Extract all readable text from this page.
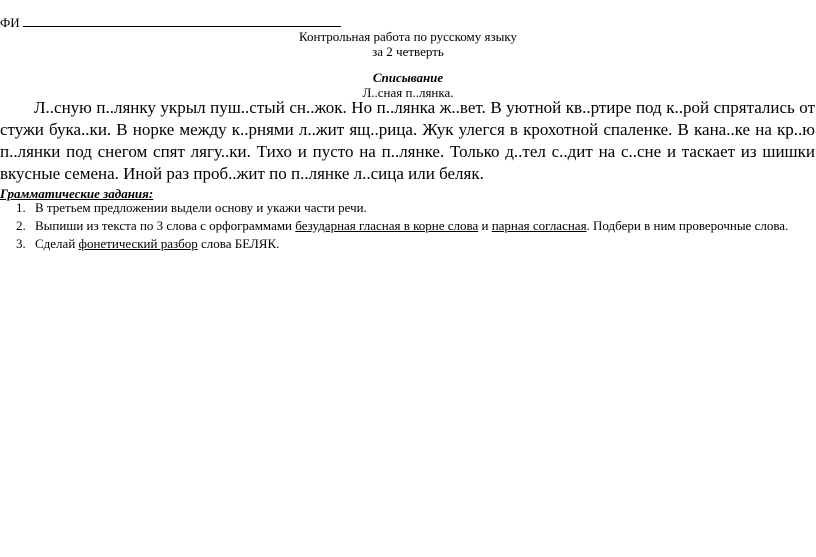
ФИ
Контрольная работа по русскому языку
за 2 четверть
Списывание
Л..сная п..лянка.

Л..сную п..лянку укрыл пуш..стый сн..жок. Но п..лянка ж..вет. В уютной кв..ртире под к..рой спрятались от стужи бука..ки. В норке между к..рнями л..жит ящ..рица. Жук улегся в крохотной спаленке. В кана..ке на кр..ю п..лянки под снегом спят лягу..ки. Тихо и пусто на п..лянке. Только д..тел с..дит на с..сне и таскает из шишки вкусные семена. Иной раз проб..жит по п..лянке л..сица или беляк.

Грамматические задания:
1. В третьем предложении выдели основу и укажи части речи.
2. Выпиши из текста по 3 слова с орфограммами безударная гласная в корне слова и парная согласная. Подбери в ним проверочные слова.
3. Сделай фонетический разбор слова БЕЛЯК.
